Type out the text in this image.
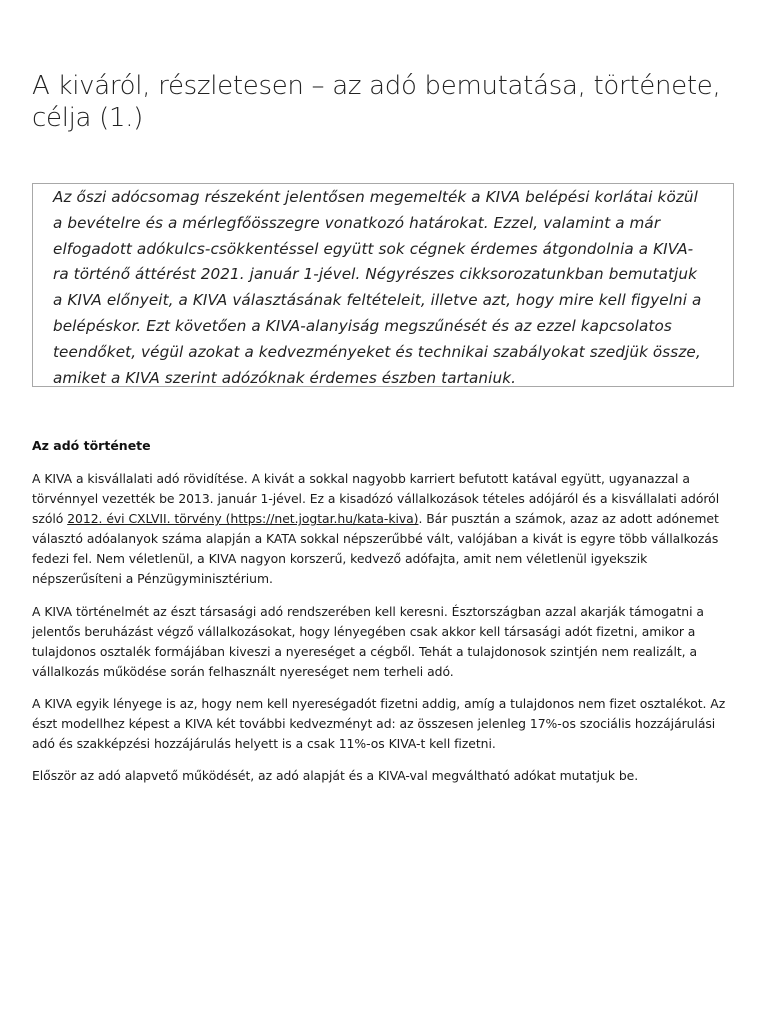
A kiváról, részletesen – az adó bemutatása, története, célja (1.)

Az őszi adócsomag részeként jelentősen megemelték a KIVA belépési korlátai közül a bevételre és a mérlegfőösszegre vonatkozó határokat. Ezzel, valamint a már elfogadott adókulcs-csökkentéssel együtt sok cégnek érdemes átgondolnia a KIVA-ra történő áttérést 2021. január 1-jével. Négyrészes cikksorozatunkban bemutatjuk a KIVA előnyeit, a KIVA választásának feltételeit, illetve azt, hogy mire kell figyelni a belépéskor. Ezt követően a KIVA-alanyiság megszűnését és az ezzel kapcsolatos teendőket, végül azokat a kedvezményeket és technikai szabályokat szedjük össze, amiket a KIVA szerint adózóknak érdemes észben tartaniuk.

Az adó története

A KIVA a kisvállalati adó rövidítése. A kivát a sokkal nagyobb karriert befutott katával együtt, ugyanazzal a törvénnyel vezették be 2013. január 1-jével. Ez a kisadózó vállalkozások tételes adójáról és a kisvállalati adóról szóló 2012. évi CXLVII. törvény (https://net.jogtar.hu/kata-kiva). Bár pusztán a számok, azaz az adott adónemet választó adóalanyok száma alapján a KATA sokkal népszerűbbé vált, valójában a kivát is egyre több vállalkozás fedezi fel. Nem véletlenül, a KIVA nagyon korszerű, kedvező adófajta, amit nem véletlenül igyekszik népszerűsíteni a Pénzügyminisztérium.

A KIVA történelmét az észt társasági adó rendszerében kell keresni. Észtországban azzal akarják támogatni a jelentős beruházást végző vállalkozásokat, hogy lényegében csak akkor kell társasági adót fizetni, amikor a tulajdonos osztalék formájában kiveszi a nyereséget a cégből. Tehát a tulajdonosok szintjén nem realizált, a vállalkozás működése során felhasznált nyereséget nem terheli adó.

A KIVA egyik lényege is az, hogy nem kell nyereségadót fizetni addig, amíg a tulajdonos nem fizet osztalékot. Az észt modellhez képest a KIVA két további kedvezményt ad: az összesen jelenleg 17%-os szociális hozzájárulási adó és szakképzési hozzájárulás helyett is a csak 11%-os KIVA-t kell fizetni.

Először az adó alapvető működését, az adó alapját és a KIVA-val megváltható adókat mutatjuk be.
